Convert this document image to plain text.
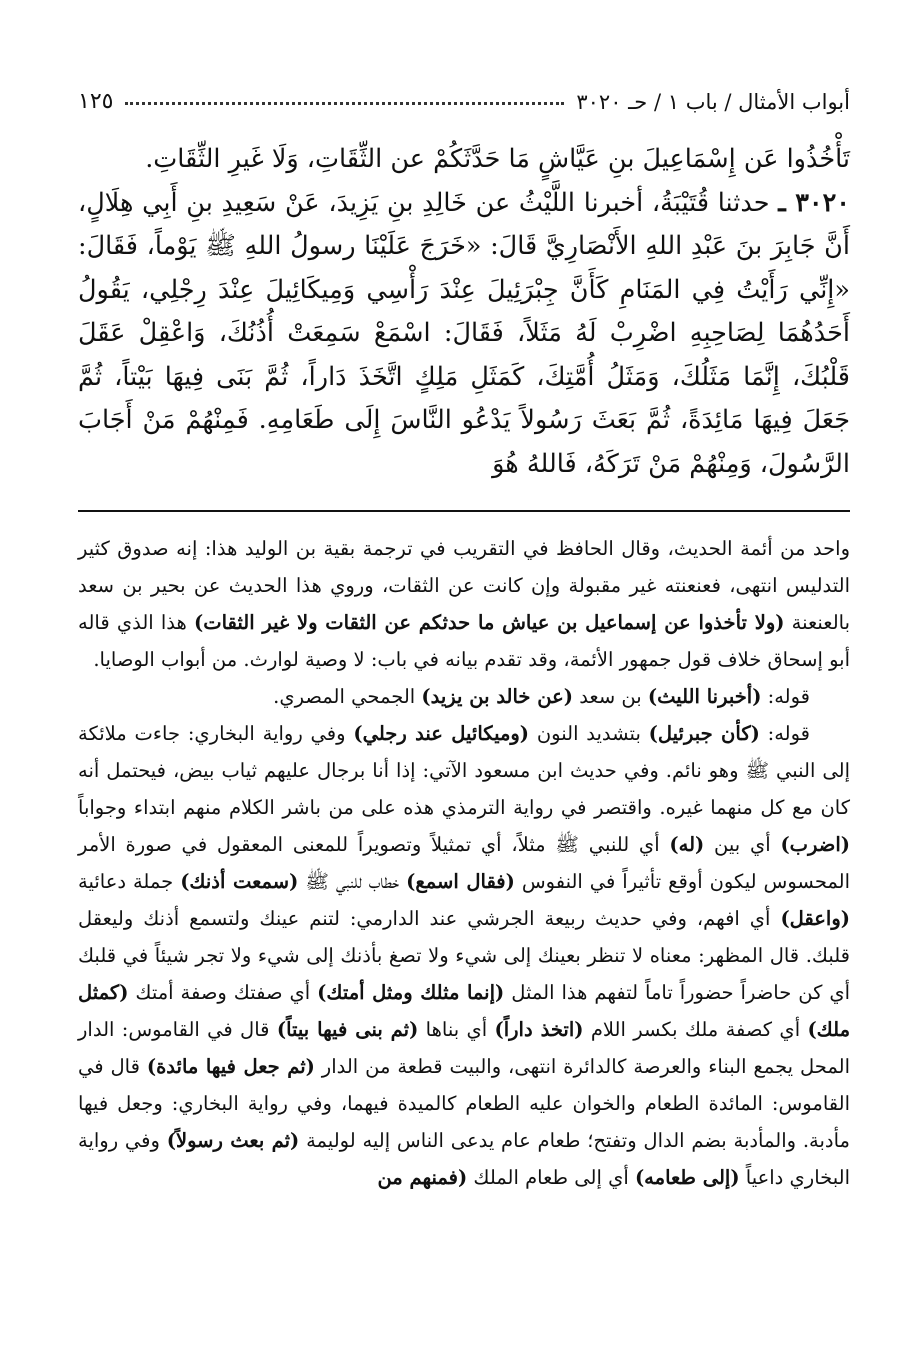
أبواب الأمثال / باب ١ / حـ ٣٠٢٠
١٢٥

تَأْخُذُوا عَن إِسْمَاعِيلَ بنِ عَيَّاشٍ مَا حَدَّثَكُمْ عن الثِّقَاتِ، وَلَا غَيرِ الثِّقَاتِ.

٣٠٢٠ ـ حدثنا قُتَيْبَةُ، أخبرنا اللَّيْثُ عن خَالِدِ بنِ يَزِيدَ، عَنْ سَعِيدِ بنِ أَبِي هِلَالٍ، أَنَّ جَابِرَ بنَ عَبْدِ اللهِ الأَنْصَارِيَّ قَالَ: «خَرَجَ عَلَيْنَا رسولُ اللهِ ﷺ يَوْماً، فَقَالَ: «إِنِّي رَأَيْتُ فِي المَنَامِ كَأَنَّ جِبْرَئِيلَ عِنْدَ رَأْسِي وَمِيكَائِيلَ عِنْدَ رِجْلِي، يَقُولُ أَحَدُهُمَا لِصَاحِبِهِ اضْرِبْ لَهُ مَثَلاً، فَقَالَ: اسْمَعْ سَمِعَتْ أُذُنُكَ، وَاعْقِلْ عَقَلَ قَلْبُكَ، إِنَّمَا مَثَلُكَ، وَمَثَلُ أُمَّتِكَ، كَمَثَلِ مَلِكٍ اتَّخَذَ دَاراً، ثُمَّ بَنَى فِيهَا بَيْتاً، ثُمَّ جَعَلَ فِيهَا مَائِدَةً، ثُمَّ بَعَثَ رَسُولاً يَدْعُو النَّاسَ إِلَى طَعَامِهِ. فَمِنْهُمْ مَنْ أَجَابَ الرَّسُولَ، وَمِنْهُمْ مَنْ تَرَكَهُ، فَاللهُ هُوَ

واحد من أئمة الحديث، وقال الحافظ في التقريب في ترجمة بقية بن الوليد هذا: إنه صدوق كثير التدليس انتهى، فعنعنته غير مقبولة وإن كانت عن الثقات، وروي هذا الحديث عن بحير بن سعد بالعنعنة (ولا تأخذوا عن إسماعيل بن عياش ما حدثكم عن الثقات ولا غير الثقات) هذا الذي قاله أبو إسحاق خلاف قول جمهور الأئمة، وقد تقدم بيانه في باب: لا وصية لوارث. من أبواب الوصايا.

قوله: (أخبرنا الليث) بن سعد (عن خالد بن يزيد) الجمحي المصري.

قوله: (كأن جبرئيل) بتشديد النون (وميكائيل عند رجلي) وفي رواية البخاري: جاءت ملائكة إلى النبي ﷺ وهو نائم. وفي حديث ابن مسعود الآتي: إذا أنا برجال عليهم ثياب بيض، فيحتمل أنه كان مع كل منهما غيره. واقتصر في رواية الترمذي هذه على من باشر الكلام منهم ابتداء وجواباً (اضرب) أي بين (له) أي للنبي ﷺ مثلاً، أي تمثيلاً وتصويراً للمعنى المعقول في صورة الأمر المحسوس ليكون أوقع تأثيراً في النفوس (فقال اسمع) خطاب للنبي ﷺ (سمعت أذنك) جملة دعائية (واعقل) أي افهم، وفي حديث ربيعة الجرشي عند الدارمي: لتنم عينك ولتسمع أذنك وليعقل قلبك. قال المظهر: معناه لا تنظر بعينك إلى شيء ولا تصغ بأذنك إلى شيء ولا تجر شيئاً في قلبك أي كن حاضراً حضوراً تاماً لتفهم هذا المثل (إنما مثلك ومثل أمتك) أي صفتك وصفة أمتك (كمثل ملك) أي كصفة ملك بكسر اللام (اتخذ داراً) أي بناها (ثم بنى فيها بيتاً) قال في القاموس: الدار المحل يجمع البناء والعرصة كالدائرة انتهى، والبيت قطعة من الدار (ثم جعل فيها مائدة) قال في القاموس: المائدة الطعام والخوان عليه الطعام كالميدة فيهما، وفي رواية البخاري: وجعل فيها مأدبة. والمأدبة بضم الدال وتفتح؛ طعام عام يدعى الناس إليه لوليمة (ثم بعث رسولاً) وفي رواية البخاري داعياً (إلى طعامه) أي إلى طعام الملك (فمنهم من
